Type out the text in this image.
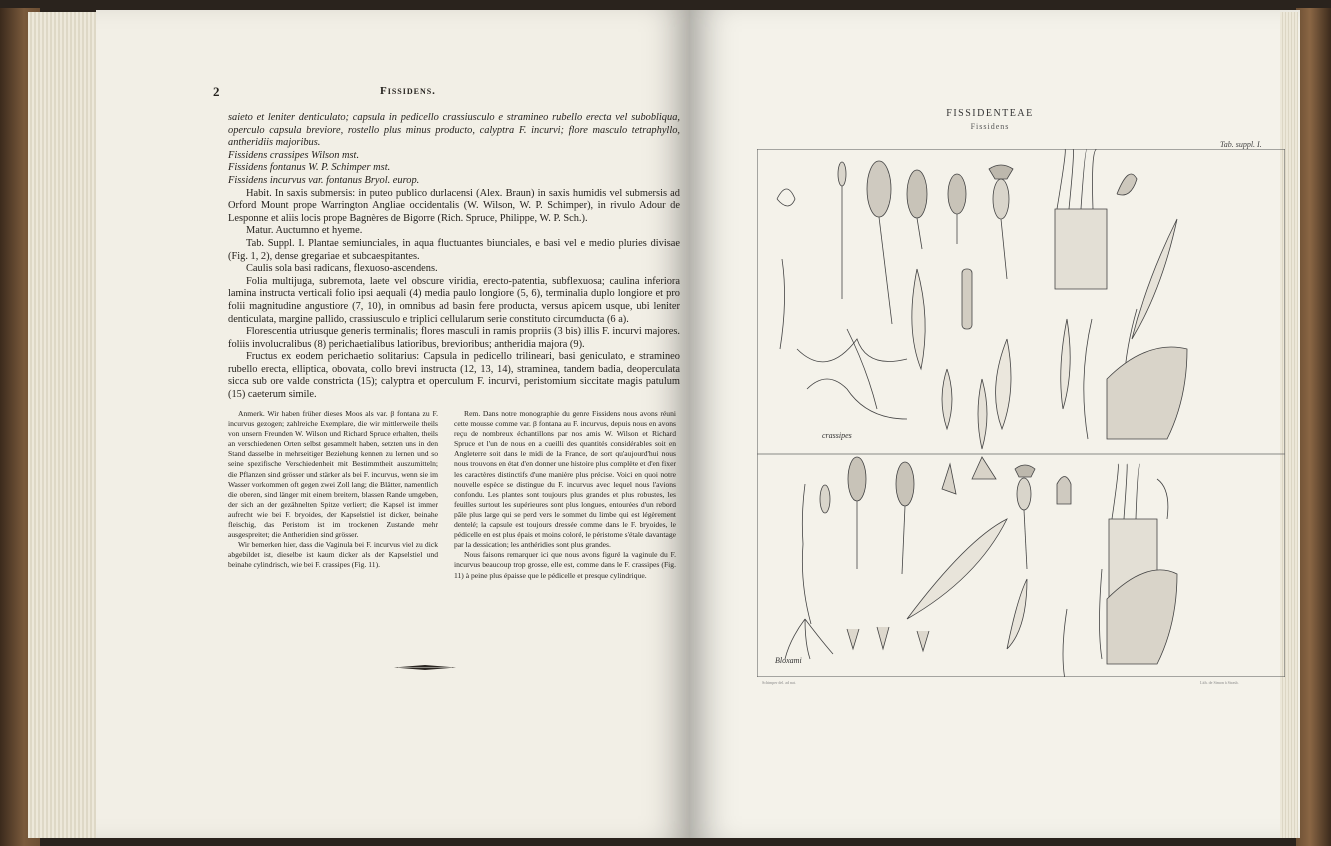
2	Fissidens.

saieto et leniter denticulato; capsula in pedicello crassiusculo e stramineo rubello erecta vel subobliqua, operculo capsula breviore, rostello plus minus producto, calyptra F. incurvi; flore masculo tetraphyllo, antheridiis majoribus.

Fissidens crassipes Wilson mst.

Fissidens fontanus W. P. Schimper mst.

Fissidens incurvus var. fontanus Bryol. europ.

Habit. In saxis submersis: in puteo publico durlacensi (Alex. Braun) in saxis humidis vel submersis ad Orford Mount prope Warrington Angliae occidentalis (W. Wilson, W. P. Schimper), in rivulo Adour de Lesponne et aliis locis prope Bagnères de Bigorre (Rich. Spruce, Philippe, W. P. Sch.).

Matur. Auctumno et hyeme.

Tab. Suppl. I. Plantae semiunciales, in aqua fluctuantes biunciales, e basi vel e medio pluries divisae (Fig. 1, 2), dense gregariae et subcaespitantes.

Caulis sola basi radicans, flexuoso-ascendens.

Folia multijuga, subremota, laete vel obscure viridia, erecto-patentia, subflexuosa; caulina inferiora lamina instructa verticali folio ipsi aequali (4) media paulo longiore (5, 6), terminalia duplo longiore et pro folii magnitudine angustiore (7, 10), in omnibus ad basin fere producta, versus apicem usque, ubi leniter denticulata, margine pallido, crassiusculo e triplici cellularum serie constituto circumducta (6 a).

Florescentia utriusque generis terminalis; flores masculi in ramis propriis (3 bis) illis F. incurvi majores. foliis involucralibus (8) perichaetialibus latioribus, brevioribus; antheridia majora (9).

Fructus ex eodem perichaetio solitarius: Capsula in pedicello trilineari, basi geniculato, e stramineo rubello erecta, elliptica, obovata, collo brevi instructa (12, 13, 14), straminea, tandem badia, deoperculata sicca sub ore valde constricta (15); calyptra et operculum F. incurvi, peristomium siccitate magis patulum (15) caeterum simile.

Anmerk. Wir haben früher dieses Moos als var. β fontana zu F. incurvus gezogen; zahlreiche Exemplare, die wir mittlerweile theils von unsern Freunden W. Wilson und Richard Spruce erhalten, theils an verschiedenen Orten selbst gesammelt haben, setzten uns in den Stand dasselbe in mehrseitiger Beziehung kennen zu lernen und so seine spezifische Verschiedenheit mit Bestimmtheit auszumitteln; die Pflanzen sind grösser und stärker als bei F. incurvus, wenn sie im Wasser vorkommen oft gegen zwei Zoll lang; die Blätter, namentlich die oberen, sind länger mit einem breitern, blassen Rande umgeben, der sich an der gezähnelten Spitze verliert; die Kapsel ist immer aufrecht wie bei F. bryoides, der Kapselstiel ist dicker, beinahe fleischig, das Peristom ist im trockenen Zustande mehr ausgespreitet; die Antheridien sind grösser.

Wir bemerken hier, dass die Vaginula bei F. incurvus viel zu dick abgebildet ist, dieselbe ist kaum dicker als der Kapselstiel und beinahe cylindrisch, wie bei F. crassipes (Fig. 11).

Rem. Dans notre monographie du genre Fissidens nous avons réuni cette mousse comme var. β fontana au F. incurvus, depuis nous en avons reçu de nombreux échantillons par nos amis W. Wilson et Richard Spruce et l'un de nous en a cueilli des quantités considérables soit en Angleterre soit dans le midi de la France, de sort qu'aujourd'hui nous nous trouvons en état d'en donner une histoire plus complète et d'en fixer les caractères distinctifs d'une manière plus précise. Voici en quoi notre nouvelle espèce se distingue du F. incurvus avec lequel nous l'avions confondu. Les plantes sont toujours plus grandes et plus robustes, les feuilles surtout les supérieures sont plus longues, entourées d'un rebord pâle plus large qui se perd vers le sommet du limbe qui est légèrement dentelé; la capsule est toujours dressée comme dans le F. bryoides, le pédicelle en est plus épais et moins coloré, le péristome s'étale davantage par la dessication; les anthéridies sont plus grandes.

Nous faisons remarquer ici que nous avons figuré la vaginule du F. incurvus beaucoup trop grosse, elle est, comme dans le F. crassipes (Fig. 11) à peine plus épaisse que le pédicelle et presque cylindrique.

FISSIDENTEAE
Fissidens
Tab. suppl. I.
crassipes
Bloxami
Schimper del. ad nat.	Lith. de Simon à Strasb.
